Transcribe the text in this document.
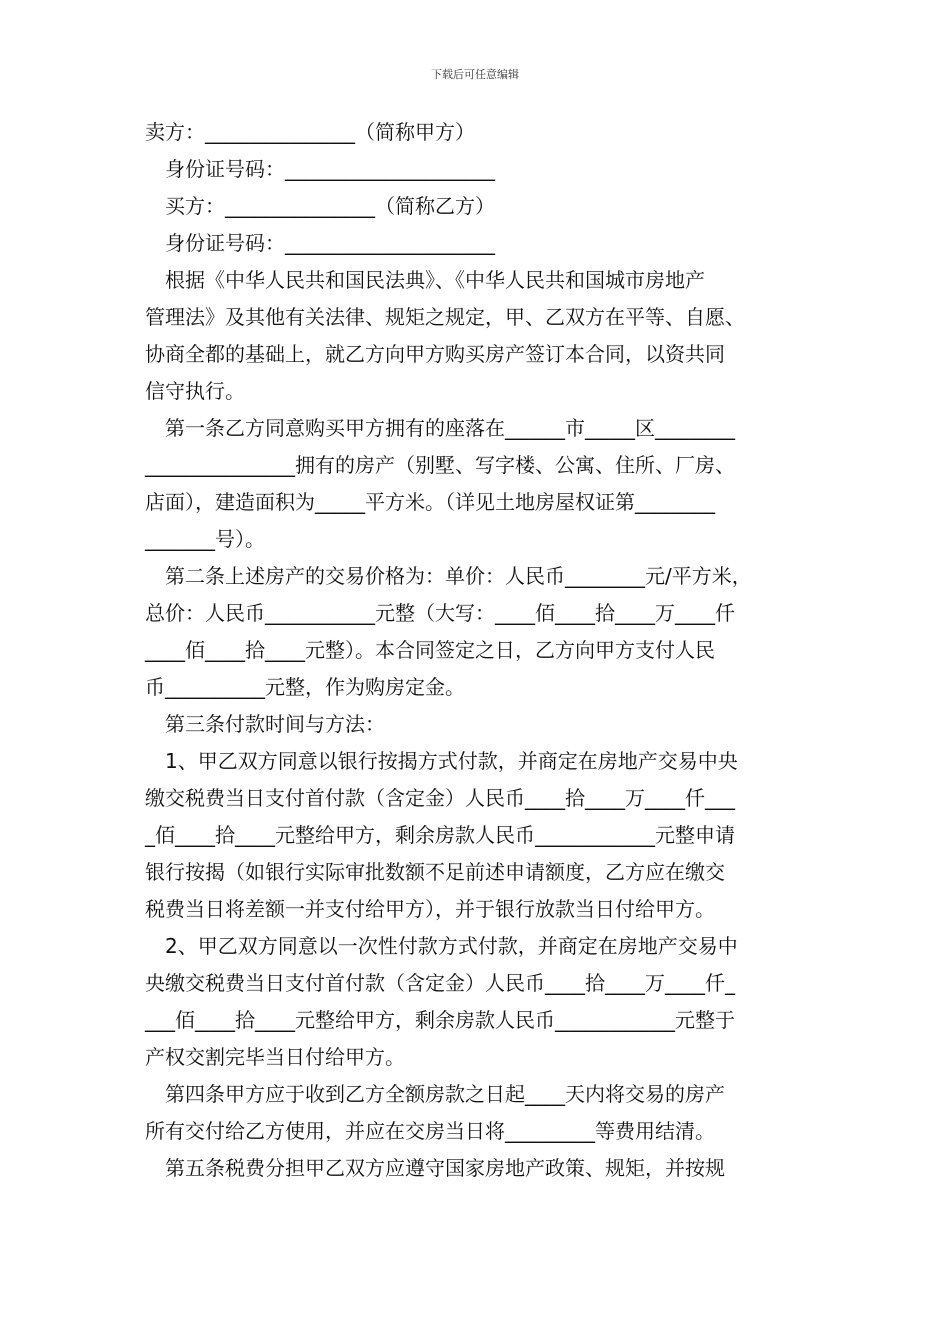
下载后可任意编辑
卖方：_______________（简称甲方）
身份证号码：_____________________
买方：_______________（简称乙方）
身份证号码：_____________________
根据《中华人民共和国民法典》、《中华人民共和国城市房地产
管理法》及其他有关法律、规矩之规定，甲、乙双方在平等、自愿、
协商全都的基础上，就乙方向甲方购买房产签订本合同，以资共同
信守执行。
第一条乙方同意购买甲方拥有的座落在______市_____区________
_______________拥有的房产（别墅、写字楼、公寓、住所、厂房、
店面），建造面积为_____平方米。（详见土地房屋权证第________
_______号）。
第二条上述房产的交易价格为：单价：人民币________元/平方米，
总价：人民币___________元整（大写：____佰____拾____万____仟
____佰____拾____元整）。本合同签定之日，乙方向甲方支付人民
币__________元整，作为购房定金。
第三条付款时间与方法：
1、甲乙双方同意以银行按揭方式付款，并商定在房地产交易中央
缴交税费当日支付首付款（含定金）人民币____拾____万____仟___
_佰____拾____元整给甲方，剩余房款人民币____________元整申请
银行按揭（如银行实际审批数额不足前述申请额度，乙方应在缴交
税费当日将差额一并支付给甲方），并于银行放款当日付给甲方。
2、甲乙双方同意以一次性付款方式付款，并商定在房地产交易中
央缴交税费当日支付首付款（含定金）人民币____拾____万____仟_
___佰____拾____元整给甲方，剩余房款人民币____________元整于
产权交割完毕当日付给甲方。
第四条甲方应于收到乙方全额房款之日起____天内将交易的房产
所有交付给乙方使用，并应在交房当日将_________等费用结清。
第五条税费分担甲乙双方应遵守国家房地产政策、规矩，并按规
